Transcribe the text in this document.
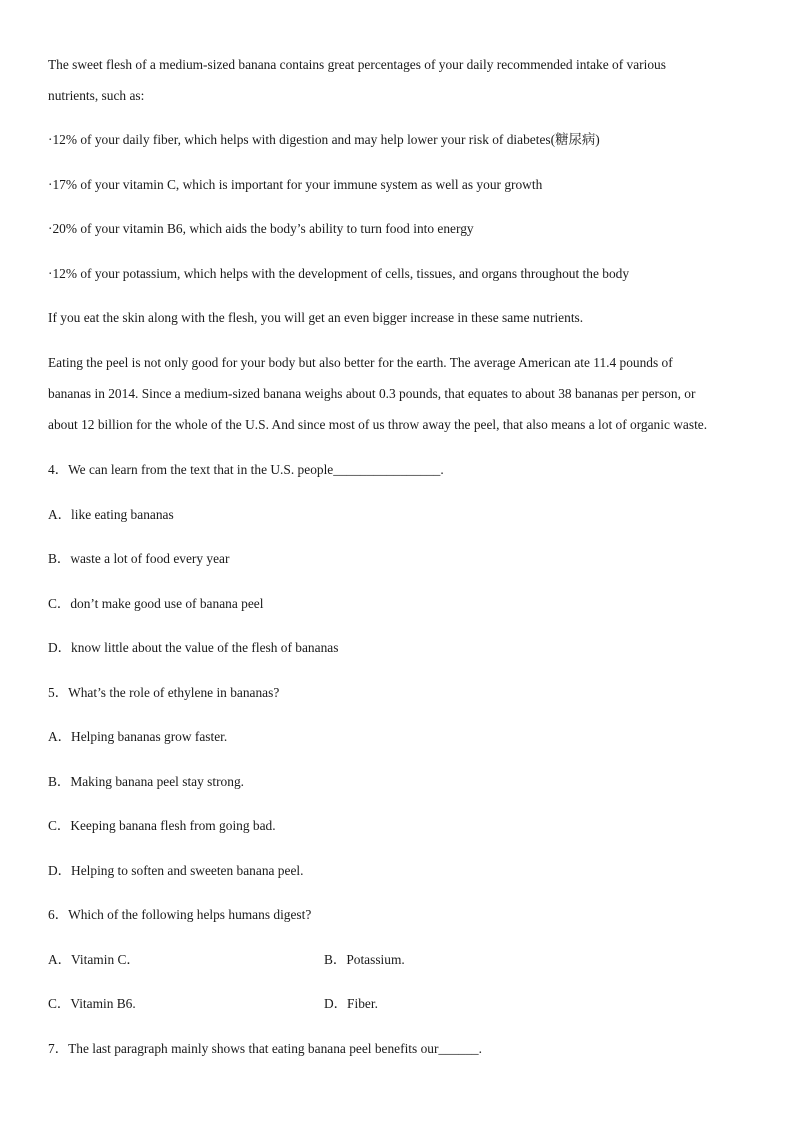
The sweet flesh of a medium-sized banana contains great percentages of your daily recommended intake of various
nutrients, such as:
·12% of your daily fiber, which helps with digestion and may help lower your risk of diabetes(糖尿病)
·17% of your vitamin C, which is important for your immune system as well as your growth
·20% of your vitamin B6, which aids the body’s ability to turn food into energy
·12% of your potassium, which helps with the development of cells, tissues, and organs throughout the body
If you eat the skin along with the flesh, you will get an even bigger increase in these same nutrients.
Eating the peel is not only good for your body but also better for the earth. The average American ate 11.4 pounds of
bananas in 2014. Since a medium-sized banana weighs about 0.3 pounds, that equates to about 38 bananas per person, or
about 12 billion for the whole of the U.S. And since most of us throw away the peel, that also means a lot of organic waste.
4．We can learn from the text that in the U.S. people________________.
A．like eating bananas
B．waste a lot of food every year
C．don’t make good use of banana peel
D．know little about the value of the flesh of bananas
5．What’s the role of ethylene in bananas?
A．Helping bananas grow faster.
B．Making banana peel stay strong.
C．Keeping banana flesh from going bad.
D．Helping to soften and sweeten banana peel.
6．Which of the following helps humans digest?
A．Vitamin C．	B．Potassium.
C．Vitamin B6.	D．Fiber.
7．The last paragraph mainly shows that eating banana peel benefits our______.
